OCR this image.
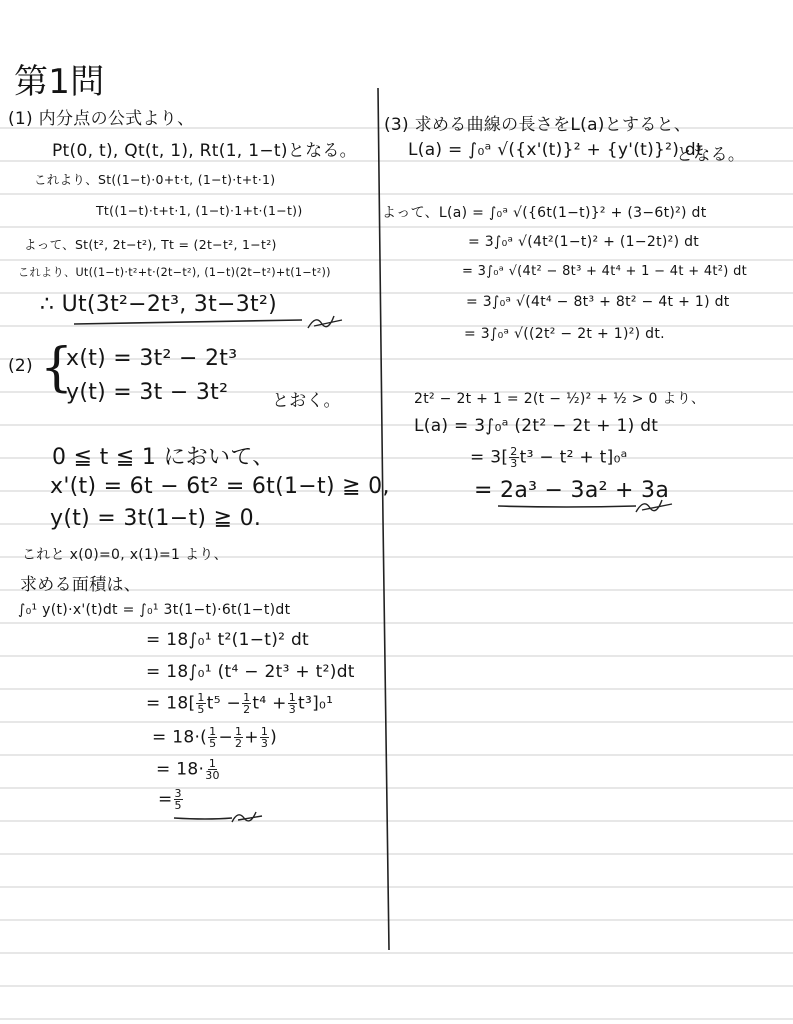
第1問
(1) 内分点の公式より、
Pt(0, t), Qt(t, 1), Rt(1, 1−t)となる。
これより、St((1−t)·0+t·t, (1−t)·t+t·1)
Tt((1−t)·t+t·1, (1−t)·1+t·(1−t))
よって、St(t², 2t−t²), Tt = (2t−t², 1−t²)
これより、Ut((1−t)·t²+t·(2t−t²), (1−t)(2t−t²)+t(1−t²))
∴ Ut(3t²−2t³, 3t−3t²)
(2) {
x(t) = 3t² − 2t³
y(t) = 3t − 3t²	とおく。
0 ≦ t ≦ 1 において、
x'(t) = 6t − 6t² = 6t(1−t) ≧ 0,
y(t) = 3t(1−t) ≧ 0.
これと x(0)=0, x(1)=1 より、
求める面積は、
∫₀¹ y(t)·x'(t)dt = ∫₀¹ 3t(1−t)·6t(1−t)dt
= 18∫₀¹ t²(1−t)² dt
= 18∫₀¹ (t⁴ − 2t³ + t²)dt
= $18[ \frac{1}{5} t^5 - \frac{1}{2} t^4 + \frac{1}{3} t^3]_0^1$
= $18\cdot( \frac{1}{5} - \frac{1}{2} + \frac{1}{3}$ )
= $18\cdot \frac{1}{30}$
= $\frac{3}{5}$
(3) 求める曲線の長さをL(a)とすると、
L(a) = ∫₀ᵃ √({x'(t)}² + {y'(t)}²) dt
となる。
よって、L(a) = ∫₀ᵃ √({6t(1−t)}² + (3−6t)²) dt
= 3∫₀ᵃ √(4t²(1−t)² + (1−2t)²) dt
= 3∫₀ᵃ √(4t² − 8t³ + 4t⁴ + 1 − 4t + 4t²) dt
= 3∫₀ᵃ √(4t⁴ − 8t³ + 8t² − 4t + 1) dt
= 3∫₀ᵃ √((2t² − 2t + 1)²) dt.
2t² − 2t + 1 = 2(t − ½)² + ½ > 0 より、
L(a) = 3∫₀ᵃ (2t² − 2t + 1) dt
= $3[ \frac{2}{3} t^3 - t^2$ + t]₀ᵃ
= 2a³ − 3a² + 3a
